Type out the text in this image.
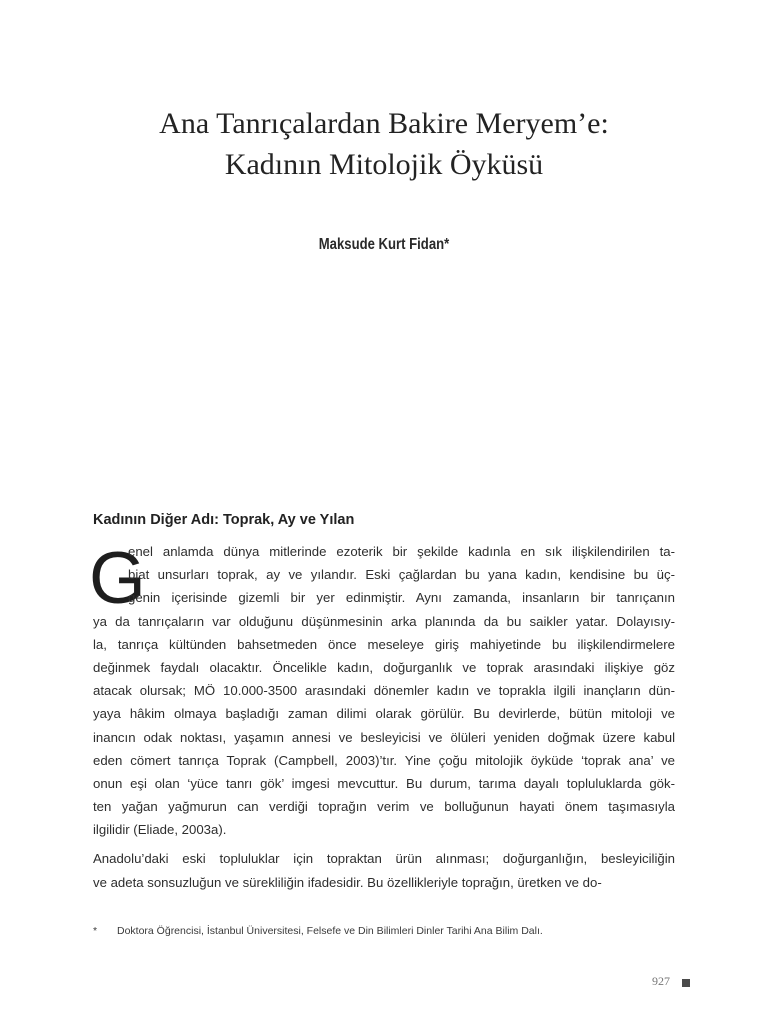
Ana Tanrıçalardan Bakire Meryem’e:
Kadının Mitolojik Öyküsü
Maksude Kurt Fidan*
Kadının Diğer Adı: Toprak, Ay ve Yılan
G
enel anlamda dünya mitlerinde ezoterik bir şekilde kadınla en sık ilişkilendirilen ta-
biat unsurları toprak, ay ve yılandır. Eski çağlardan bu yana kadın, kendisine bu üç-
genin içerisinde gizemli bir yer edinmiştir. Aynı zamanda, insanların bir tanrıçanın
ya da tanrıçaların var olduğunu düşünmesinin arka planında da bu saikler yatar. Dolayısıy-
la, tanrıça kültünden bahsetmeden önce meseleye giriş mahiyetinde bu ilişkilendirmelere
değinmek faydalı olacaktır. Öncelikle kadın, doğurganlık ve toprak arasındaki ilişkiye göz
atacak olursak; MÖ 10.000-3500 arasındaki dönemler kadın ve toprakla ilgili inançların dün-
yaya hâkim olmaya başladığı zaman dilimi olarak görülür. Bu devirlerde, bütün mitoloji ve
inancın odak noktası, yaşamın annesi ve besleyicisi ve ölüleri yeniden doğmak üzere kabul
eden cömert tanrıça Toprak (Campbell, 2003)’tır. Yine çoğu mitolojik öyküde ‘toprak ana’ ve
onun eşi olan ‘yüce tanrı gök’ imgesi mevcuttur. Bu durum, tarıma dayalı topluluklarda gök-
ten yağan yağmurun can verdiği toprağın verim ve bolluğunun hayati önem taşımasıyla
ilgilidir (Eliade, 2003a).
Anadolu’daki eski topluluklar için topraktan ürün alınması; doğurganlığın, besleyiciliğin
ve adeta sonsuzluğun ve sürekliliğin ifadesidir. Bu özellikleriyle toprağın, üretken ve do-
* Doktora Öğrencisi, İstanbul Üniversitesi, Felsefe ve Din Bilimleri Dinler Tarihi Ana Bilim Dalı.
927
